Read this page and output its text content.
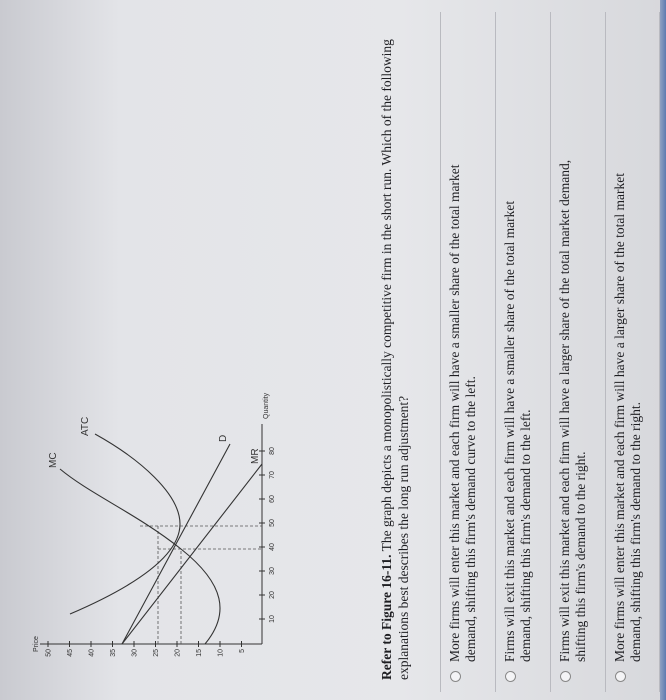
50 45 40 35 30 25 20 15 10 5
10
20
30
40
50
60
70
80
Price
Quantity
MC
ATC
D
MR
Refer to Figure 16-11. The graph depicts a monopolistically competitive firm in the short run. Which of the following explanations best describes the long run adjustment?	More firms will enter this market and each firm will have a smaller share of the total market demand, shifting this firm's demand curve to the left. Firms will exit this market and each firm will have a smaller share of the total market demand, shifting this firm's demand to the left. Firms will exit this market and each firm will have a larger share of the total market demand, shifting this firm's demand to the right. More firms will enter this market and each firm will have a larger share of the total market demand, shifting this firm's demand to the right.
